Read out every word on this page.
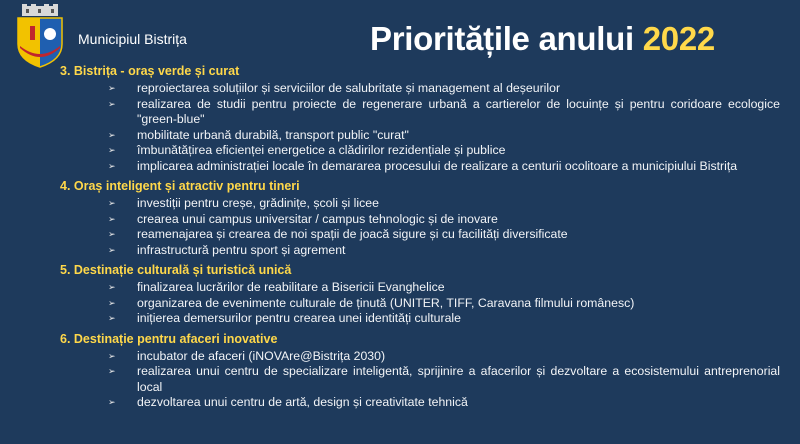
Municipiul Bistrița	Prioritățile anului 2022

3. Bistrița - oraș verde și curat

➢ reproiectarea soluțiilor și serviciilor de salubritate și management al deșeurilor
➢ realizarea de studii pentru proiecte de regenerare urbană a cartierelor de locuințe și pentru coridoare ecologice "green-blue"
➢ mobilitate urbană durabilă, transport public "curat"
➢ îmbunătățirea eficienței energetice a clădirilor rezidențiale și publice
➢ implicarea administrației locale în demararea procesului de realizare a centurii ocolitoare a municipiului Bistrița

4. Oraș inteligent și atractiv pentru tineri

➢ investiții pentru creșe, grădinițe, școli și licee
➢ crearea unui campus universitar / campus tehnologic și de inovare
➢ reamenajarea și crearea de noi spații de joacă sigure și cu facilități diversificate
➢ infrastructură pentru sport și agrement

5. Destinație culturală și turistică unică

➢ finalizarea lucrărilor de reabilitare a Bisericii Evanghelice
➢ organizarea de evenimente culturale de ținută (UNITER, TIFF, Caravana filmului românesc)
➢ inițierea demersurilor pentru crearea unei identități culturale

6. Destinație pentru afaceri inovative

➢ incubator de afaceri (iNOVAre@Bistrița 2030)
➢ realizarea unui centru de specializare inteligentă, sprijinire a afacerilor și dezvoltare a ecosistemului antreprenorial local
➢ dezvoltarea unui centru de artă, design și creativitate tehnică
